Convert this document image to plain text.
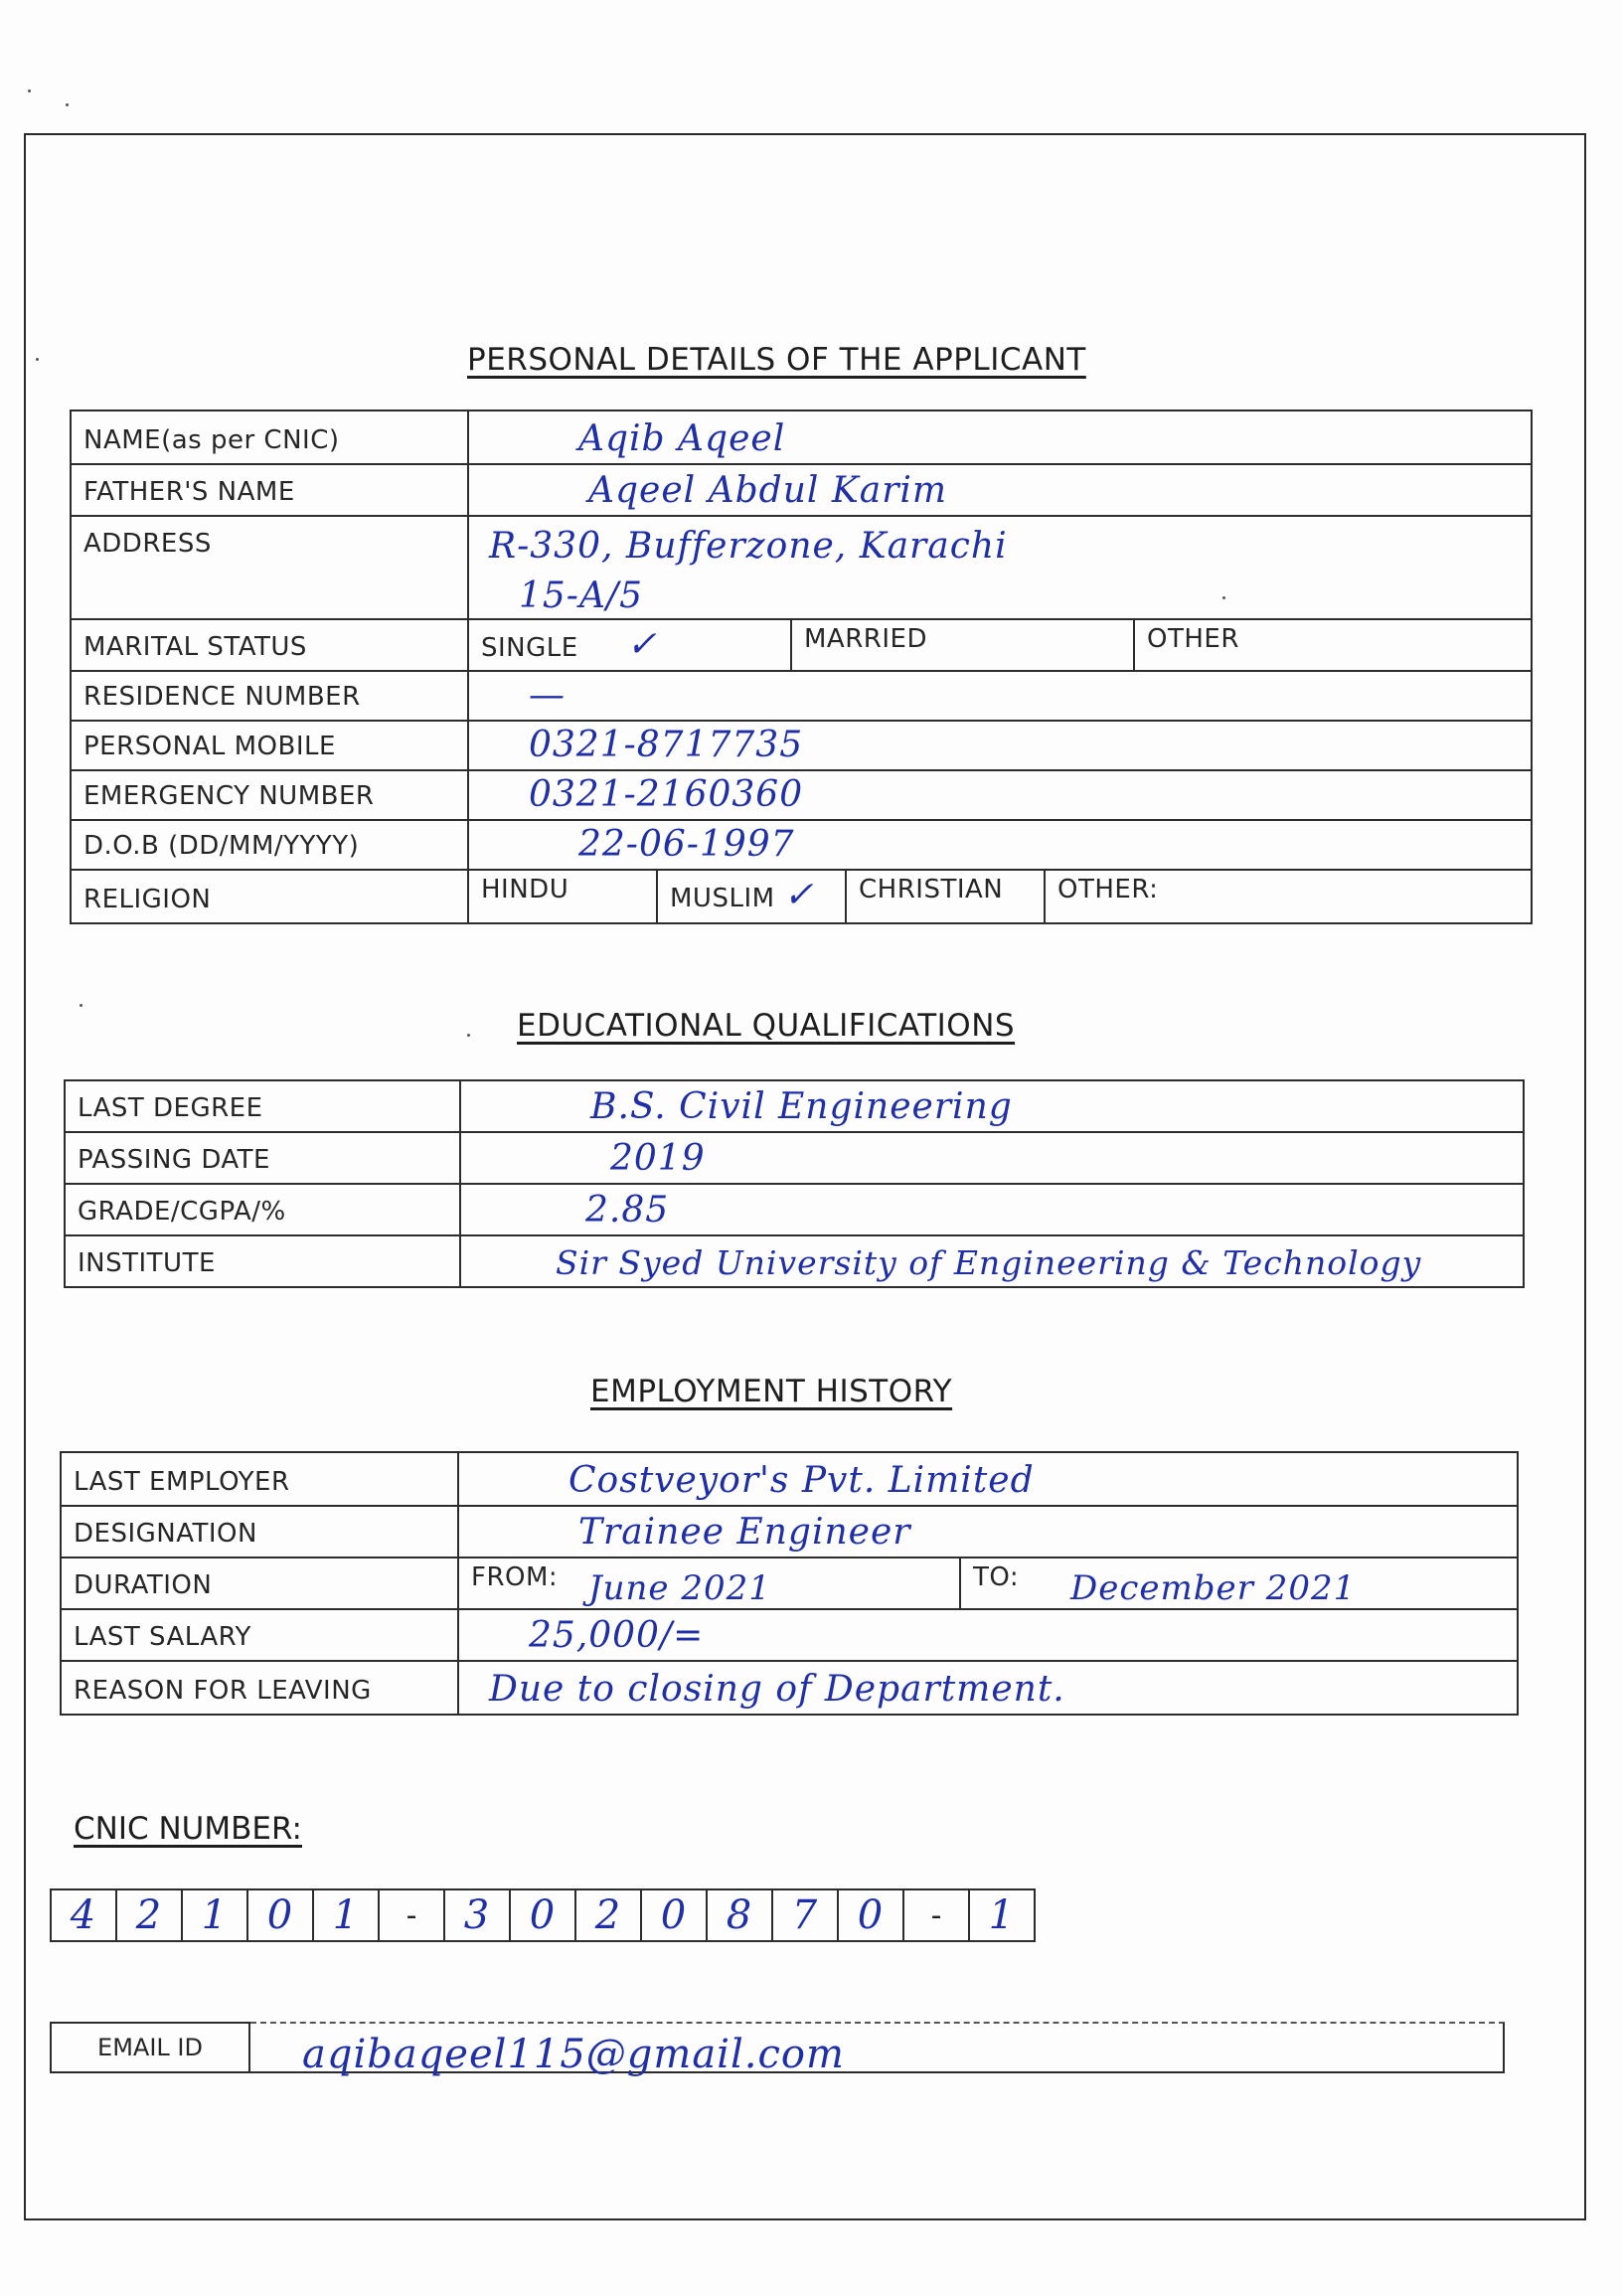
PERSONAL DETAILS OF THE APPLICANT
NAME(as per CNIC)	Aqib Aqeel

FATHER'S NAME	Aqeel Abdul Karim

ADDRESS	R-330, Bufferzone, Karachi
15-A/5

MARITAL STATUS	SINGLE ✓ MARRIED OTHER

RESIDENCE NUMBER	—

PERSONAL MOBILE	0321-8717735

EMERGENCY NUMBER	0321-2160360

D.O.B (DD/MM/YYYY)	22-06-1997

RELIGION	HINDU MUSLIM ✓ CHRISTIAN OTHER:
EDUCATIONAL QUALIFICATIONS
LAST DEGREE	B.S. Civil Engineering

PASSING DATE	2019

GRADE/CGPA/%	2.85

INSTITUTE	Sir Syed University of Engineering & Technology
EMPLOYMENT HISTORY
LAST EMPLOYER	Costveyor's Pvt. Limited

DESIGNATION	Trainee Engineer

DURATION	FROM: June 2021 TO: December 2021

LAST SALARY	25,000/=

REASON FOR LEAVING	Due to closing of Department.
CNIC NUMBER:
4 2 1 0 1	-	3 0 2 0 8 7 0	-	1
EMAIL ID	aqibaqeel115@gmail.com
